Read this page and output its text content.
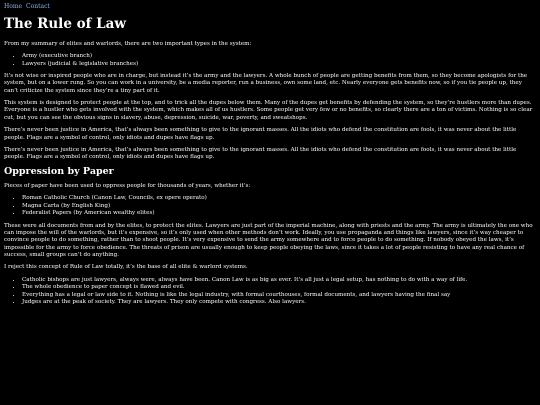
Home Contact
The Rule of Law

From my summary of elites and warlords, there are two important types in the system:

• Army (executive branch)
• Lawyers (judicial & legislative branches)

It’s not wise or inspired people who are in charge, but instead it’s the army and the lawyers. A whole bunch of people are getting benefits from them, so they become apologists for the system, but on a lower rung. So you can work in a university, be a media reporter, run a business, own some land, etc. Nearly everyone gets benefits now, so if you tie people up, they can’t criticize the system since they’re a tiny part of it.

This system is designed to protect people at the top, and to trick all the dupes below them. Many of the dupes get benefits by defending the system, so they’re hustlers more than dupes. Everyone is a hustler who gets involved with the system, which makes all of us hustlers. Some people get very few or no benefits, so clearly there are a ton of victims. Nothing is so clear cut, but you can see the obvious signs in slavery, abuse, depression, suicide, war, poverty, and sweatshops.

There’s never been justice in America, that’s always been something to give to the ignorant masses. All the idiots who defend the constitution are fools, it was never about the little people. Flags are a symbol of control, only idiots and dupes have flags up.

There’s never been justice in America, that’s always been something to give to the ignorant masses. All the idiots who defend the constitution are fools, it was never about the little people. Flags are a symbol of control, only idiots and dupes have flags up.

Oppression by Paper

Pieces of paper have been used to oppress people for thousands of years, whether it’s:

• Roman Catholic Church (Canon Law, Councils, ex opere operato)
• Magna Carta (by English King)
• Federalist Papers (by American wealthy elites)

These were all documents from and by the elites, to protect the elites. Lawyers are just part of the imperial machine, along with priests and the army. The army is ultimately the one who can impose the will of the warlords, but it’s expensive, so it’s only used when other methods don’t work. Ideally, you use propaganda and things like lawyers, since it’s way cheaper to convince people to do something, rather than to shoot people. It’s very expensive to send the army somewhere and to force people to do something. If nobody obeyed the laws, it’s impossible for the army to force obedience. The threats of prison are usually enough to keep people obeying the laws, since it takes a lot of people resisting to have any real chance of success, small groups can’t do anything.

I reject this concept of Rule of Law totally, it’s the base of all elite & warlord systems.

• Catholic bishops are just lawyers, always were, always have been. Canon Law is as big as ever. It’s all just a legal setup, has nothing to do with a way of life.
• The whole obedience to paper concept is flawed and evil.
• Everything has a legal or law side to it. Nothing is like the legal industry, with formal courthouses, formal documents, and lawyers having the final say
• Judges are at the peak of society. They are lawyers. They only compete with congress. Also lawyers.
